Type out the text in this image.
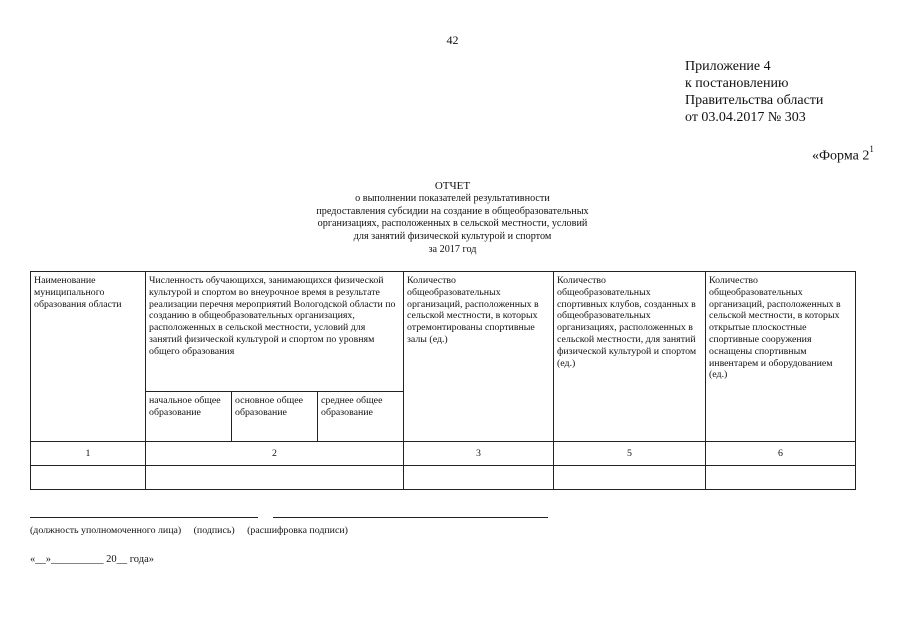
42
Приложение 4
к постановлению
Правительства области
от 03.04.2017 № 303
«Форма $2^1$
ОТЧЕТ
о выполнении показателей результативности
предоставления субсидии на создание в общеобразовательных
организациях, расположенных в сельской местности, условий
для занятий физической культурой и спортом
за 2017 год
Наименование муниципального образования области	Численность обучающихся, занимающихся физической культурой и спортом во внеурочное время в результате реализации перечня мероприятий Вологодской области по созданию в общеобразовательных организациях, расположенных в сельской местности, условий для занятий физической культурой и спортом по уровням общего образования			Количество общеобразовательных организаций, расположенных в сельской местности, в которых отремонтированы спортивные залы (ед.)	Количество общеобразовательных спортивных клубов, созданных в общеобразовательных организациях, расположенных в сельской местности, для занятий физической культурой и спортом (ед.)	Количество общеобразовательных организаций, расположенных в сельской местности, в которых открытые плоскостные спортивные сооружения оснащены спортивным инвентарем и оборудованием (ед.)
	начальное общее образование	основное общее образование	среднее общее образование			
1	2			3	5	6

(должность уполномоченного лица) (подпись) (расшифровка подписи)
«__»__________ 20__ года»
